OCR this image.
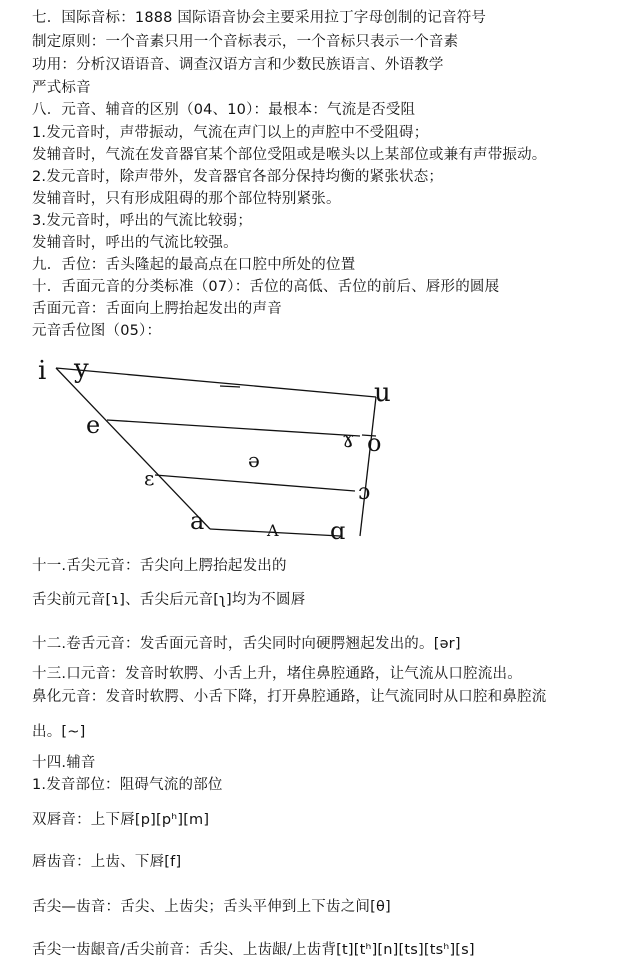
七．国际音标：1888 国际语音协会主要采用拉丁字母创制的记音符号
制定原则：一个音素只用一个音标表示，一个音标只表示一个音素
功用：分析汉语语音、调查汉语方言和少数民族语言、外语教学
严式标音
八．元音、辅音的区别（04、10）：最根本：气流是否受阻
1.发元音时，声带振动，气流在声门以上的声腔中不受阻碍；
发辅音时，气流在发音器官某个部位受阻或是喉头以上某部位或兼有声带振动。
2.发元音时，除声带外，发音器官各部分保持均衡的紧张状态；
发辅音时，只有形成阻碍的那个部位特别紧张。
3.发元音时，呼出的气流比较弱；
发辅音时，呼出的气流比较强。
九．舌位：舌头隆起的最高点在口腔中所处的位置
十．舌面元音的分类标准（07）：舌位的高低、舌位的前后、唇形的圆展
舌面元音：舌面向上腭抬起发出的声音
元音舌位图（05）：
i y
u
e
ɤ o
ə
ε
ɔ
a	A ɑ
十一.舌尖元音：舌尖向上腭抬起发出的
舌尖前元音[ɿ]、舌尖后元音[ʅ]均为不圆唇
十二.卷舌元音：发舌面元音时，舌尖同时向硬腭翘起发出的。[ər]
十三.口元音：发音时软腭、小舌上升，堵住鼻腔通路，让气流从口腔流出。
鼻化元音：发音时软腭、小舌下降，打开鼻腔通路，让气流同时从口腔和鼻腔流
出。[~]
十四.辅音
1.发音部位：阻碍气流的部位
双唇音：上下唇[p][pʰ][m]
唇齿音：上齿、下唇[f]
舌尖—齿音：舌尖、上齿尖；舌头平伸到上下齿之间[θ]
舌尖一齿龈音/舌尖前音：舌尖、上齿龈/上齿背[t][tʰ][n][ts][tsʰ][s]
